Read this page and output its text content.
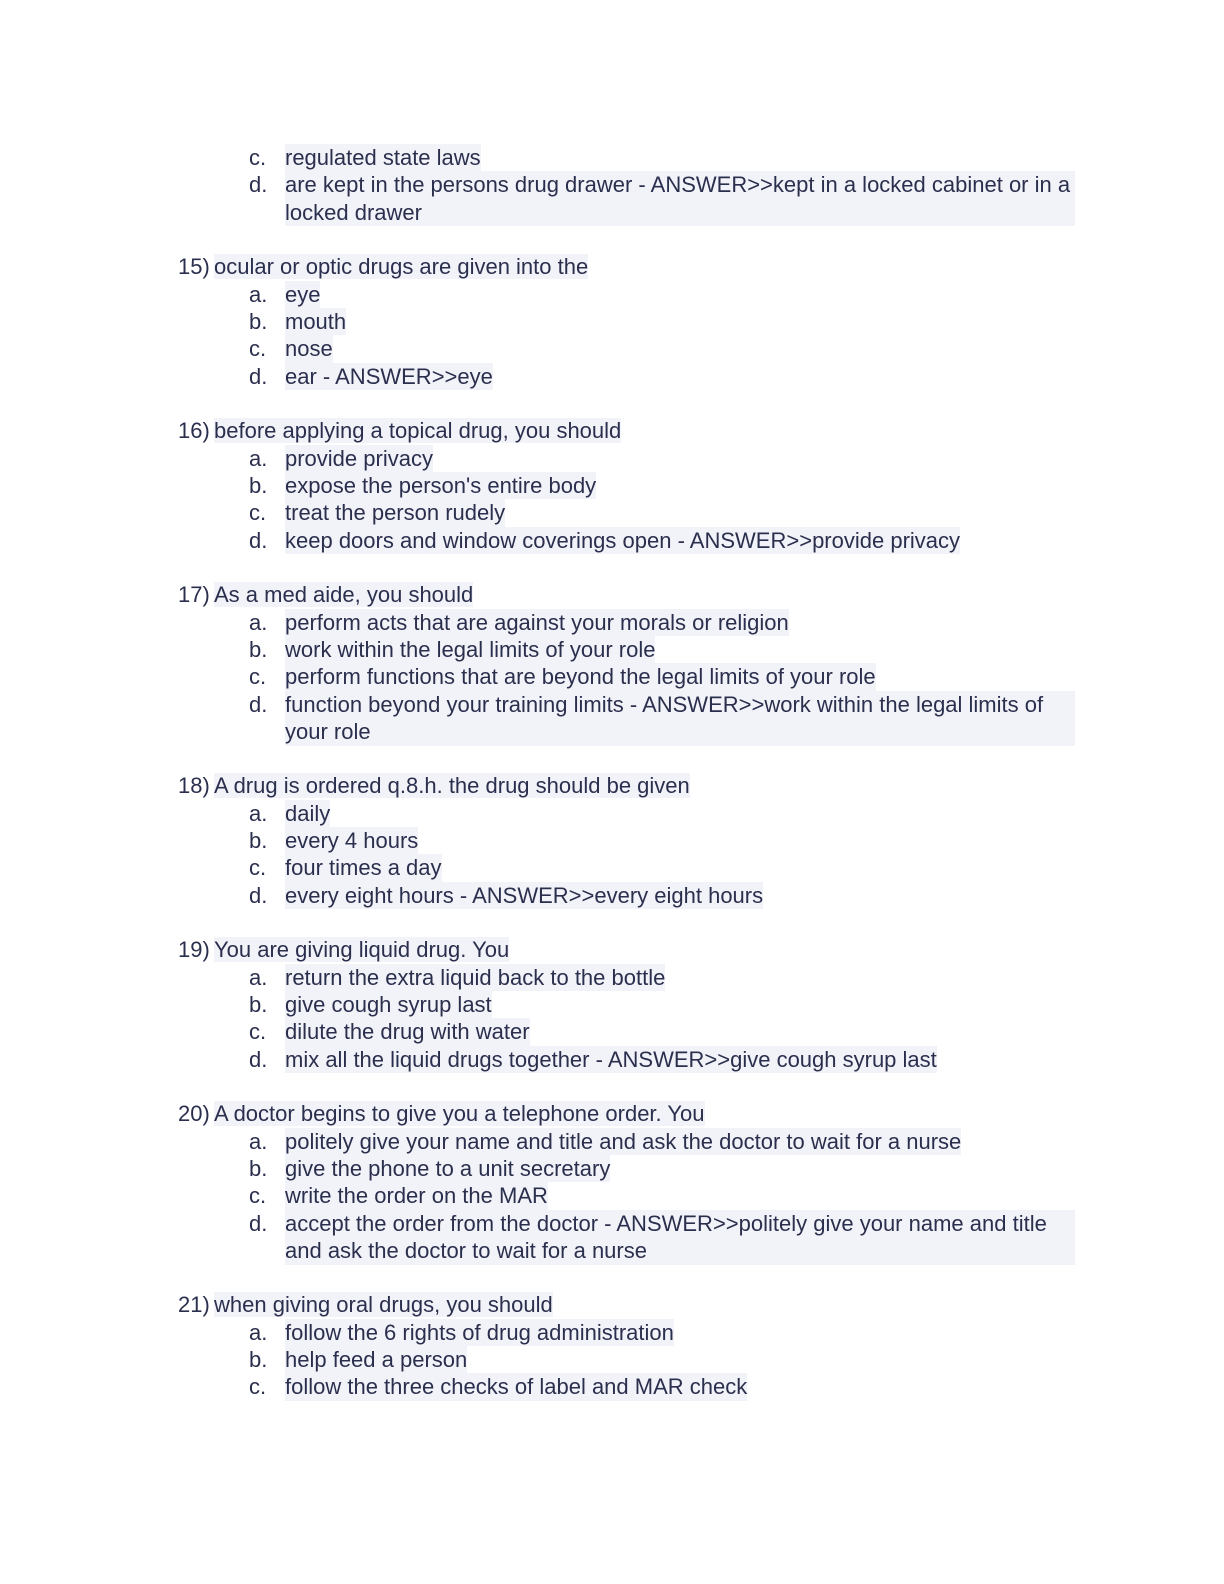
c. regulated state laws
d. are kept in the persons drug drawer - ANSWER>>kept in a locked cabinet or in a locked drawer
15) ocular or optic drugs are given into the
a. eye
b. mouth
c. nose
d. ear - ANSWER>>eye
16) before applying a topical drug, you should
a. provide privacy
b. expose the person's entire body
c. treat the person rudely
d. keep doors and window coverings open - ANSWER>>provide privacy
17) As a med aide, you should
a. perform acts that are against your morals or religion
b. work within the legal limits of your role
c. perform functions that are beyond the legal limits of your role
d. function beyond your training limits - ANSWER>>work within the legal limits of your role
18) A drug is ordered q.8.h. the drug should be given
a. daily
b. every 4 hours
c. four times a day
d. every eight hours - ANSWER>>every eight hours
19) You are giving liquid drug. You
a. return the extra liquid back to the bottle
b. give cough syrup last
c. dilute the drug with water
d. mix all the liquid drugs together - ANSWER>>give cough syrup last
20) A doctor begins to give you a telephone order. You
a. politely give your name and title and ask the doctor to wait for a nurse
b. give the phone to a unit secretary
c. write the order on the MAR
d. accept the order from the doctor - ANSWER>>politely give your name and title and ask the doctor to wait for a nurse
21) when giving oral drugs, you should
a. follow the 6 rights of drug administration
b. help feed a person
c. follow the three checks of label and MAR check
